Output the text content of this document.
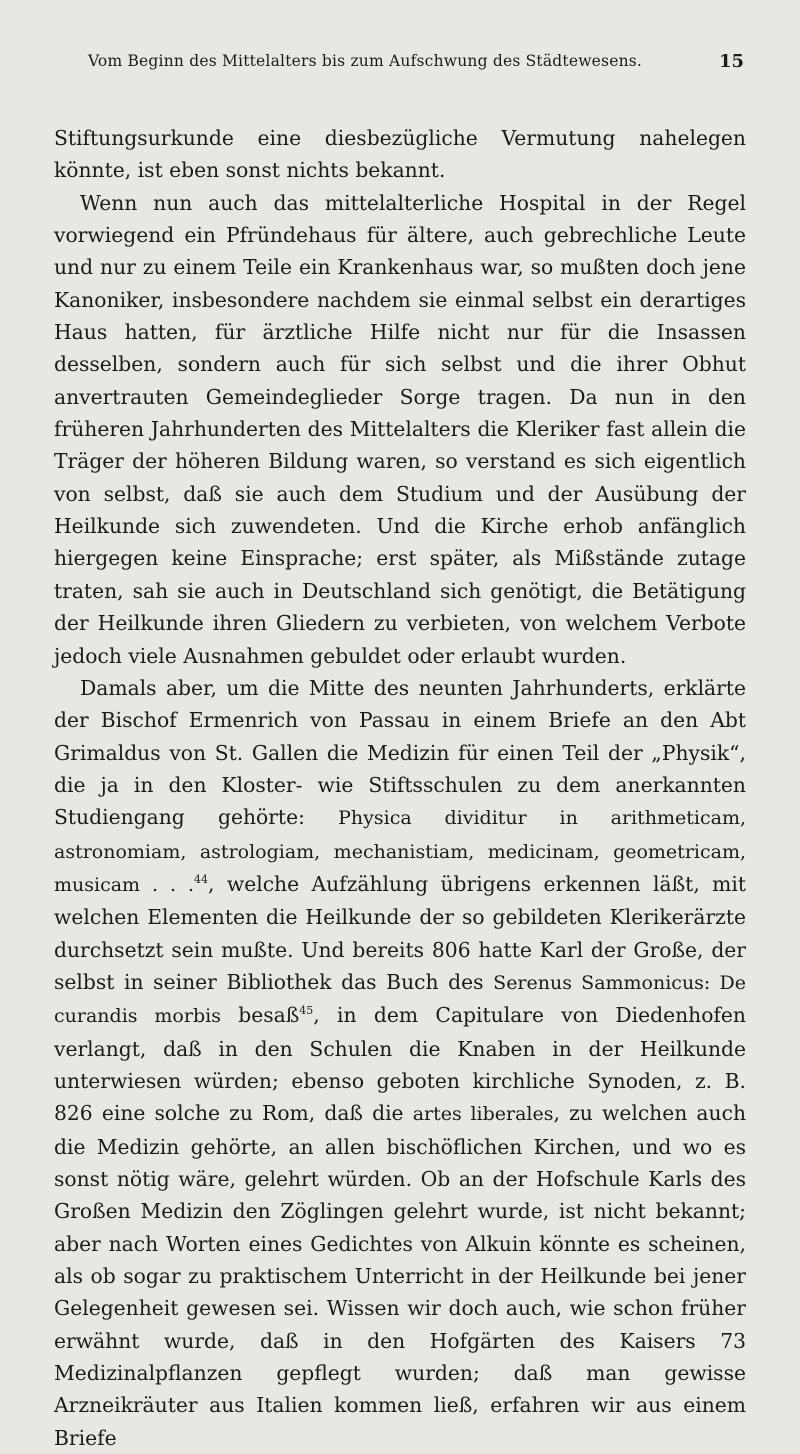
Vom Beginn des Mittelalters bis zum Aufschwung des Städtewesens.	15

Stiftungsurkunde eine diesbezügliche Vermutung nahelegen könnte, ist eben sonst nichts bekannt.

Wenn nun auch das mittelalterliche Hospital in der Regel vorwiegend ein Pfründehaus für ältere, auch gebrechliche Leute und nur zu einem Teile ein Krankenhaus war, so mußten doch jene Kanoniker, insbesondere nachdem sie einmal selbst ein derartiges Haus hatten, für ärztliche Hilfe nicht nur für die Insassen desselben, sondern auch für sich selbst und die ihrer Obhut anvertrauten Gemeindeglieder Sorge tragen. Da nun in den früheren Jahrhunderten des Mittelalters die Kleriker fast allein die Träger der höheren Bildung waren, so verstand es sich eigentlich von selbst, daß sie auch dem Studium und der Ausübung der Heilkunde sich zuwendeten. Und die Kirche erhob anfänglich hiergegen keine Einsprache; erst später, als Mißstände zutage traten, sah sie auch in Deutschland sich genötigt, die Betätigung der Heilkunde ihren Gliedern zu verbieten, von welchem Verbote jedoch viele Ausnahmen gebuldet oder erlaubt wurden.

Damals aber, um die Mitte des neunten Jahrhunderts, erklärte der Bischof Ermenrich von Passau in einem Briefe an den Abt Grimaldus von St. Gallen die Medizin für einen Teil der „Physik“, die ja in den Kloster- wie Stiftsschulen zu dem anerkannten Studiengang gehörte: Physica dividitur in arithmeticam, astronomiam, astrologiam, mechanistiam, medicinam, geometricam, musicam . . .$^{44}$, welche Aufzählung übrigens erkennen läßt, mit welchen Elementen die Heilkunde der so gebildeten Klerikerärzte durchsetzt sein mußte. Und bereits 806 hatte Karl der Große, der selbst in seiner Bibliothek das Buch des Serenus Sammonicus: De curandis morbis besaß$^{45}$, in dem Capitulare von Diedenhofen verlangt, daß in den Schulen die Knaben in der Heilkunde unterwiesen würden; ebenso geboten kirchliche Synoden, z. B. 826 eine solche zu Rom, daß die artes liberales, zu welchen auch die Medizin gehörte, an allen bischöflichen Kirchen, und wo es sonst nötig wäre, gelehrt würden. Ob an der Hofschule Karls des Großen Medizin den Zöglingen gelehrt wurde, ist nicht bekannt; aber nach Worten eines Gedichtes von Alkuin könnte es scheinen, als ob sogar zu praktischem Unterricht in der Heilkunde bei jener Gelegenheit gewesen sei. Wissen wir doch auch, wie schon früher erwähnt wurde, daß in den Hofgärten des Kaisers 73 Medizinalpflanzen gepflegt wurden; daß man gewisse Arzneikräuter aus Italien kommen ließ, erfahren wir aus einem Briefe
